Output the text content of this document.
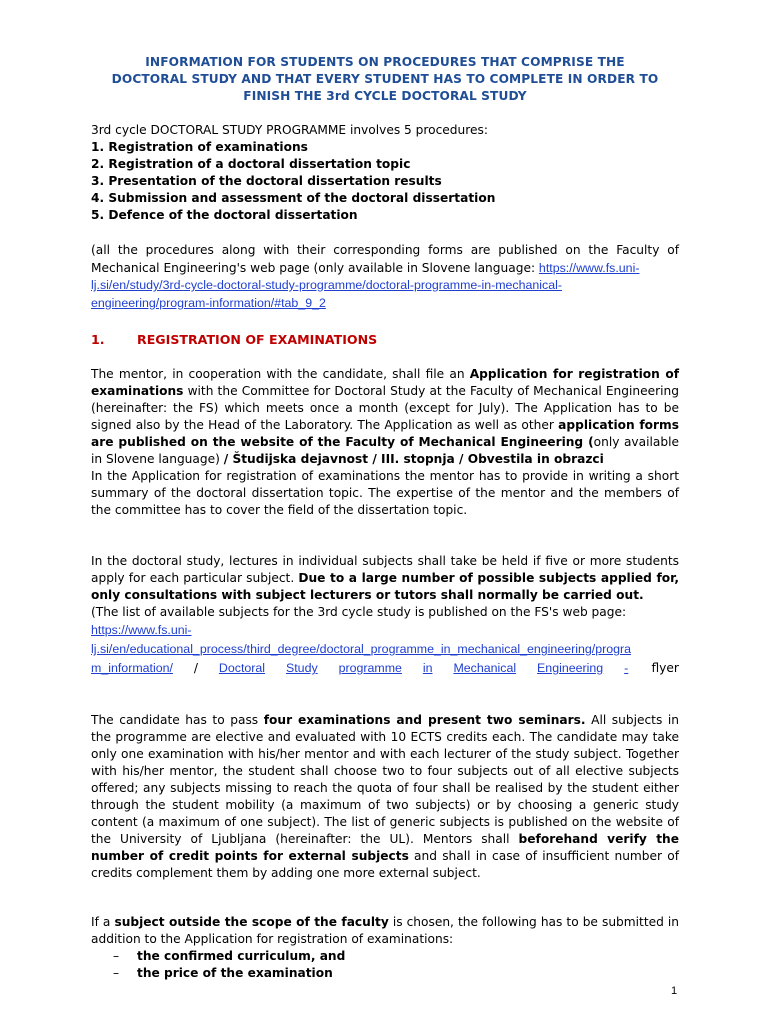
INFORMATION FOR STUDENTS ON PROCEDURES THAT COMPRISE THE
DOCTORAL STUDY AND THAT EVERY STUDENT HAS TO COMPLETE IN ORDER TO
FINISH THE 3rd CYCLE DOCTORAL STUDY
3rd cycle DOCTORAL STUDY PROGRAMME involves 5 procedures:
1. Registration of examinations
2. Registration of a doctoral dissertation topic
3. Presentation of the doctoral dissertation results
4. Submission and assessment of the doctoral dissertation
5. Defence of the doctoral dissertation
(all the procedures along with their corresponding forms are published on the Faculty of Mechanical Engineering's web page (only available in Slovene language: https://www.fs.uni-
lj.si/en/study/3rd-cycle-doctoral-study-programme/doctoral-programme-in-mechanical-
engineering/program-information/#tab_9_2
1.	REGISTRATION OF EXAMINATIONS
The mentor, in cooperation with the candidate, shall file an Application for registration of examinations with the Committee for Doctoral Study at the Faculty of Mechanical Engineering (hereinafter: the FS) which meets once a month (except for July). The Application has to be signed also by the Head of the Laboratory. The Application as well as other application forms are published on the website of the Faculty of Mechanical Engineering (only available in Slovene language) / Študijska dejavnost / III. stopnja / Obvestila in obrazci
In the Application for registration of examinations the mentor has to provide in writing a short summary of the doctoral dissertation topic. The expertise of the mentor and the members of the committee has to cover the field of the dissertation topic.
In the doctoral study, lectures in individual subjects shall take be held if five or more students apply for each particular subject. Due to a large number of possible subjects applied for, only consultations with subject lecturers or tutors shall normally be carried out.
(The list of available subjects for the 3rd cycle study is published on the FS's web page:
https://www.fs.uni-
lj.si/en/educational_process/third_degree/doctoral_programme_in_mechanical_engineering/progra
m_information/ / Doctoral Study programme in Mechanical Engineering - flyer
The candidate has to pass four examinations and present two seminars. All subjects in the programme are elective and evaluated with 10 ECTS credits each. The candidate may take only one examination with his/her mentor and with each lecturer of the study subject. Together with his/her mentor, the student shall choose two to four subjects out of all elective subjects offered; any subjects missing to reach the quota of four shall be realised by the student either through the student mobility (a maximum of two subjects) or by choosing a generic study content (a maximum of one subject). The list of generic subjects is published on the website of the University of Ljubljana (hereinafter: the UL). Mentors shall beforehand verify the number of credit points for external subjects and shall in case of insufficient number of credits complement them by adding one more external subject.
If a subject outside the scope of the faculty is chosen, the following has to be submitted in addition to the Application for registration of examinations:
– the confirmed curriculum, and
– the price of the examination
1
